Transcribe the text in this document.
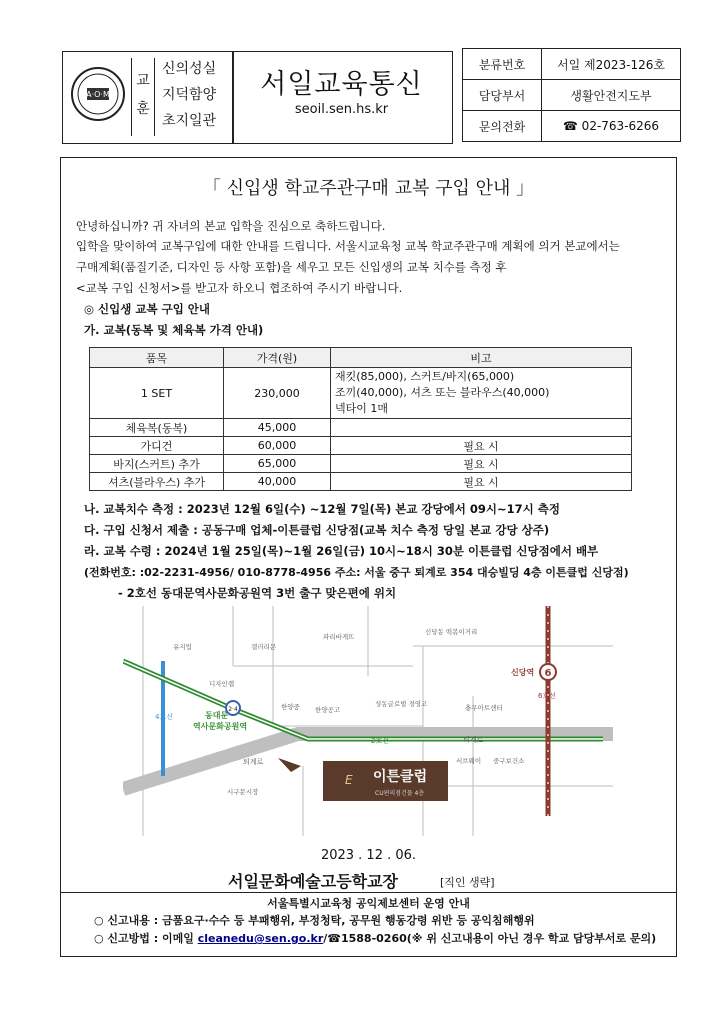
A·O·M
교
훈
신의성실
지덕함양
초지일관
서일교육통신
seoil.sen.hs.kr
분류번호	서일 제2023-126호
담당부서	생활안전지도부
문의전화	☎ 02-763-6266
「 신입생 학교주관구매 교복 구입 안내 」
안녕하십니까? 귀 자녀의 본교 입학을 진심으로 축하드립니다.
입학을 맞이하여 교복구입에 대한 안내를 드립니다. 서울시교육청 교복 학교주관구매 계획에 의거 본교에서는
구매계획(품질기준, 디자인 등 사항 포함)을 세우고 모든 신입생의 교복 치수를 측정 후
<교복 구입 신청서>를 받고자 하오니 협조하여 주시기 바랍니다.
◎ 신입생 교복 구입 안내
가. 교복(동복 및 체육복 가격 안내)
품목	가격(원)	비고
1 SET	230,000	재킷(85,000), 스커트/바지(65,000)
조끼(40,000), 셔츠 또는 블라우스(40,000)
넥타이 1매

체육복(동복)	45,000	
가디건	60,000	필요 시
바지(스커트) 추가	65,000	필요 시
셔츠(블라우스) 추가	40,000	필요 시
나. 교복치수 측정 : 2023년 12월 6일(수) ~12월 7일(목) 본교 강당에서 09시~17시 측정
다. 구입 신청서 제출 : 공동구매 업체-이튼클럽 신당점(교복 치수 측정 당일 본교 강당 상주)
라. 교복 수령 : 2024년 1월 25일(목)~1월 26일(금) 10시~18시 30분 이튼클럽 신당점에서 배부
(전화번호: :02-2231-4956/ 010-8778-4956 주소: 서울 중구 퇴계로 354 대승빌딩 4층 이튼클럽 신당점)
- 2호선 동대문역사문화공원역 3번 출구 맞은편에 위치
2·4
6
유지업	갤러리문
파리바게뜨
신당동 떡볶이거리
디자인랩
한양중 한양공고
성동글로벌 경영고	충무아트센터
서브웨이 중구보건소
시구문시장
4호선
2호선
6호선
동대문
역사문화공원역
신당역
퇴계로
퇴계로
E 이튼클럽
CU편의점건물 4층
2023 . 12 . 06.
서일문화예술고등학교장	[직인 생략]
서울특별시교육청 공익제보센터 운영 안내
○ 신고내용 : 금품요구·수수 등 부패행위, 부정청탁, 공무원 행동강령 위반 등 공익침해행위
○ 신고방법 : 이메일 cleanedu@sen.go.kr/☎1588-0260(※ 위 신고내용이 아닌 경우 학교 담당부서로 문의)
